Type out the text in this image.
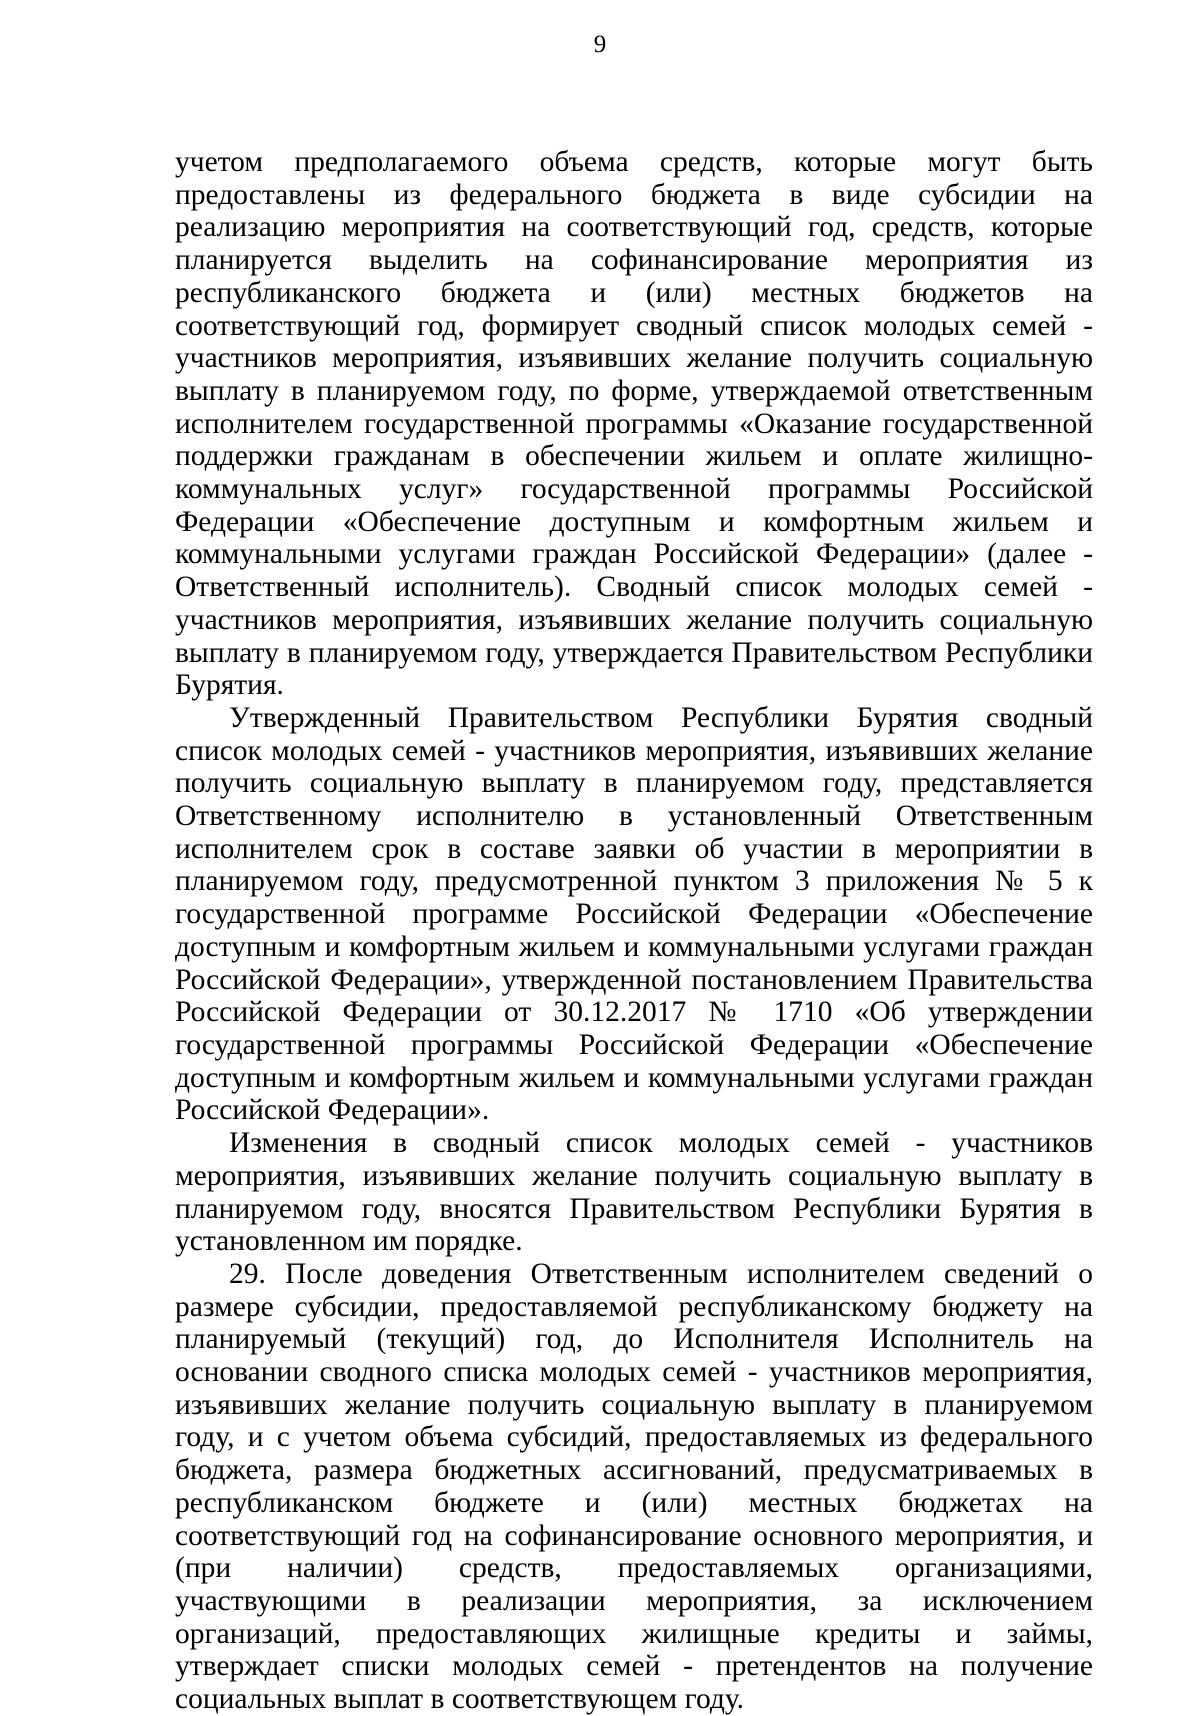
9

учетом предполагаемого объема средств, которые могут быть предоставлены из федерального бюджета в виде субсидии на реализацию мероприятия на соответствующий год, средств, которые планируется выделить на софинансирование мероприятия из республиканского бюджета и (или) местных бюджетов на соответствующий год, формирует сводный список молодых семей - участников мероприятия, изъявивших желание получить социальную выплату в планируемом году, по форме, утверждаемой ответственным исполнителем государственной программы «Оказание государственной поддержки гражданам в обеспечении жильем и оплате жилищно-коммунальных услуг» государственной программы Российской Федерации «Обеспечение доступным и комфортным жильем и коммунальными услугами граждан Российской Федерации» (далее - Ответственный исполнитель). Сводный список молодых семей - участников мероприятия, изъявивших желание получить социальную выплату в планируемом году, утверждается Правительством Республики Бурятия.

Утвержденный Правительством Республики Бурятия сводный список молодых семей - участников мероприятия, изъявивших желание получить социальную выплату в планируемом году, представляется Ответственному исполнителю в установленный Ответственным исполнителем срок в составе заявки об участии в мероприятии в планируемом году, предусмотренной пунктом 3 приложения № 5 к государственной программе Российской Федерации «Обеспечение доступным и комфортным жильем и коммунальными услугами граждан Российской Федерации», утвержденной постановлением Правительства Российской Федерации от 30.12.2017 № 1710 «Об утверждении государственной программы Российской Федерации «Обеспечение доступным и комфортным жильем и коммунальными услугами граждан Российской Федерации».

Изменения в сводный список молодых семей - участников мероприятия, изъявивших желание получить социальную выплату в планируемом году, вносятся Правительством Республики Бурятия в установленном им порядке.

29. После доведения Ответственным исполнителем сведений о размере субсидии, предоставляемой республиканскому бюджету на планируемый (текущий) год, до Исполнителя Исполнитель на основании сводного списка молодых семей - участников мероприятия, изъявивших желание получить социальную выплату в планируемом году, и с учетом объема субсидий, предоставляемых из федерального бюджета, размера бюджетных ассигнований, предусматриваемых в республиканском бюджете и (или) местных бюджетах на соответствующий год на софинансирование основного мероприятия, и (при наличии) средств, предоставляемых организациями, участвующими в реализации мероприятия, за исключением организаций, предоставляющих жилищные кредиты и займы, утверждает списки молодых семей - претендентов на получение социальных выплат в соответствующем году.
